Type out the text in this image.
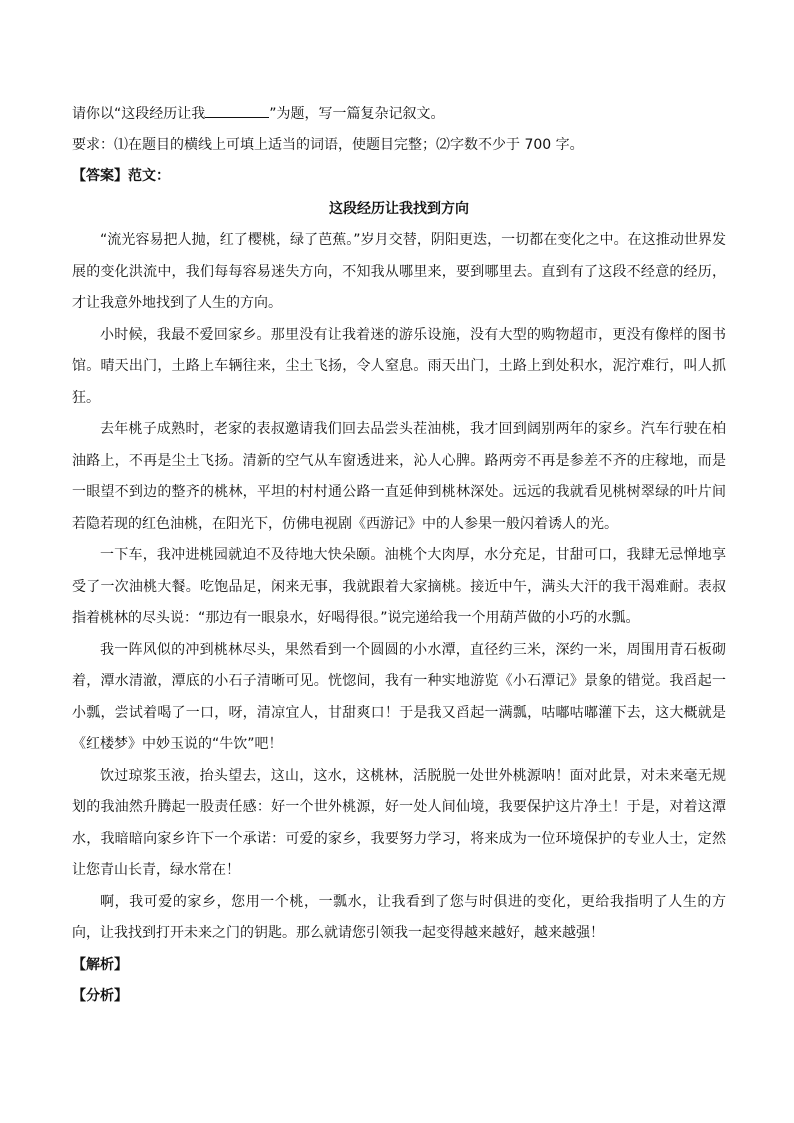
请你以“这段经历让我	”为题，写一篇复杂记叙文。
要求：⑴在题目的横线上可填上适当的词语，使题目完整；⑵字数不少于 700 字。
【答案】范文：
这段经历让我找到方向

“流光容易把人抛，红了樱桃，绿了芭蕉。”岁月交替，阴阳更迭，一切都在变化之中。在这推动世界发展的变化洪流中，我们每每容易迷失方向，不知我从哪里来，要到哪里去。直到有了这段不经意的经历，才让我意外地找到了人生的方向。

小时候，我最不爱回家乡。那里没有让我着迷的游乐设施，没有大型的购物超市，更没有像样的图书馆。晴天出门，土路上车辆往来，尘土飞扬，令人窒息。雨天出门，土路上到处积水，泥泞难行，叫人抓狂。

去年桃子成熟时，老家的表叔邀请我们回去品尝头茬油桃，我才回到阔别两年的家乡。汽车行驶在柏油路上，不再是尘土飞扬。清新的空气从车窗透进来，沁人心脾。路两旁不再是参差不齐的庄稼地，而是一眼望不到边的整齐的桃林，平坦的村村通公路一直延伸到桃林深处。远远的我就看见桃树翠绿的叶片间若隐若现的红色油桃，在阳光下，仿佛电视剧《西游记》中的人参果一般闪着诱人的光。

一下车，我冲进桃园就迫不及待地大快朵颐。油桃个大肉厚，水分充足，甘甜可口，我肆无忌惮地享受了一次油桃大餐。吃饱品足，闲来无事，我就跟着大家摘桃。接近中午，满头大汗的我干渴难耐。表叔指着桃林的尽头说：“那边有一眼泉水，好喝得很。”说完递给我一个用葫芦做的小巧的水瓢。

我一阵风似的冲到桃林尽头，果然看到一个圆圆的小水潭，直径约三米，深约一米，周围用青石板砌着，潭水清澈，潭底的小石子清晰可见。恍惚间，我有一种实地游览《小石潭记》景象的错觉。我舀起一小瓢，尝试着喝了一口，呀，清凉宜人，甘甜爽口！于是我又舀起一满瓢，咕嘟咕嘟灌下去，这大概就是《红楼梦》中妙玉说的“牛饮”吧！

饮过琼浆玉液，抬头望去，这山，这水，这桃林，活脱脱一处世外桃源呐！面对此景，对未来毫无规划的我油然升腾起一股责任感：好一个世外桃源，好一处人间仙境，我要保护这片净土！于是，对着这潭水，我暗暗向家乡许下一个承诺：可爱的家乡，我要努力学习，将来成为一位环境保护的专业人士，定然让您青山长青，绿水常在！

啊，我可爱的家乡，您用一个桃，一瓢水，让我看到了您与时俱进的变化，更给我指明了人生的方向，让我找到打开未来之门的钥匙。那么就请您引领我一起变得越来越好，越来越强！

【解析】
【分析】
